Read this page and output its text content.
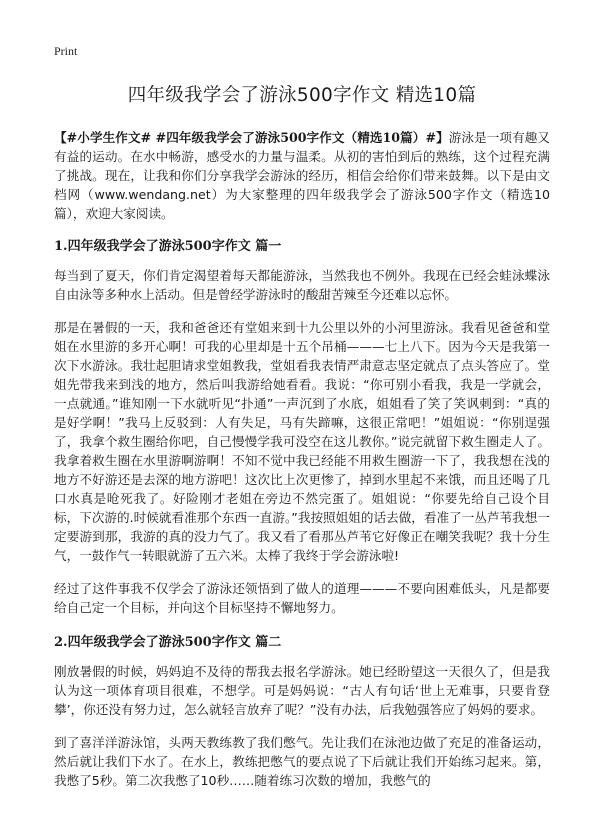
Print
四年级我学会了游泳500字作文 精选10篇

【#小学生作文# #四年级我学会了游泳500字作文（精选10篇）#】游泳是一项有趣又有益的运动。在水中畅游，感受水的力量与温柔。从初的害怕到后的熟练，这个过程充满了挑战。现在，让我和你们分享我学会游泳的经历，相信会给你们带来鼓舞。以下是由文档网（www.wendang.net）为大家整理的四年级我学会了游泳500字作文（精选10篇），欢迎大家阅读。

1.四年级我学会了游泳500字作文 篇一

每当到了夏天，你们肯定渴望着每天都能游泳，当然我也不例外。我现在已经会蛙泳蝶泳自由泳等多种水上活动。但是曾经学游泳时的酸甜苦辣至今还难以忘怀。

那是在暑假的一天，我和爸爸还有堂姐来到十九公里以外的小河里游泳。我看见爸爸和堂姐在水里游的多开心啊！可我的心里却是十五个吊桶———七上八下。因为今天是我第一次下水游泳。我壮起胆请求堂姐教我，堂姐看我表情严肃意志坚定就点了点头答应了。堂姐先带我来到浅的地方，然后叫我游给她看看。我说：“你可别小看我，我是一学就会，一点就通。”谁知刚一下水就听见“扑通”一声沉到了水底，姐姐看了笑了笑讽刺到：“真的是好学啊！”我马上反驳到：人有失足，马有失蹄嘛，这很正常吧！”姐姐说：“你别逞强了，我拿个救生圈给你吧，自己慢慢学我可没空在这儿教你。”说完就留下救生圈走人了。我拿着救生圈在水里游啊游啊！不知不觉中我已经能不用救生圈游一下了，我我想在浅的地方不好游还是去深的地方游吧！这次比上次更惨了，掉到水里起不来饿，而且还喝了几口水真是呛死我了。好险刚才老姐在旁边不然完蛋了。姐姐说：“你要先给自己设个目标，下次游的.时候就看准那个东西一直游。”我按照姐姐的话去做，看准了一丛芦苇我想一定要游到那，我游的真的没力气了。我又看了看那丛芦苇它好像正在嘲笑我呢？我十分生气，一鼓作气一转眼就游了五六米。太棒了我终于学会游泳啦!

经过了这件事我不仅学会了游泳还领悟到了做人的道理———不要向困难低头，凡是都要给自己定一个目标，并向这个目标坚持不懈地努力。

2.四年级我学会了游泳500字作文 篇二

刚放暑假的时候，妈妈迫不及待的帮我去报名学游泳。她已经盼望这一天很久了，但是我认为这一项体育项目很难，不想学。可是妈妈说：“古人有句话‘世上无难事，只要肯登攀’，你还没有努力过，怎么就轻言放弃了呢？”没有办法，后我勉强答应了妈妈的要求。

到了喜洋洋游泳馆，头两天教练教了我们憋气。先让我们在泳池边做了充足的准备运动，然后就让我们下水了。在水上，教练把憋气的要点说了下后就让我们开始练习起来。第，我憋了5秒。第二次我憋了10秒……随着练习次数的增加，我憋气的
